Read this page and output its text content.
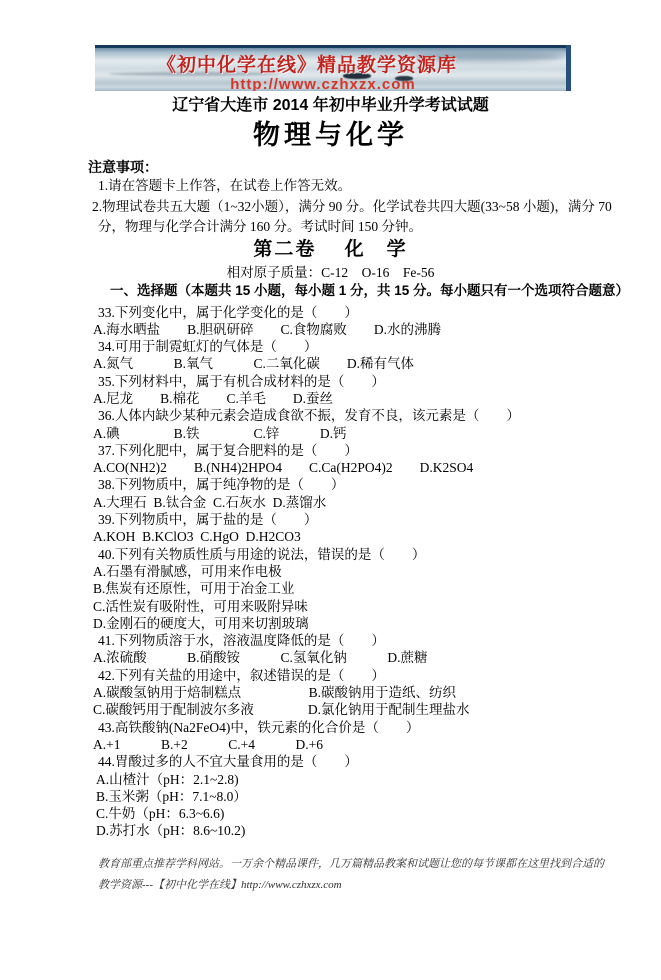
《初中化学在线》精品教学资源库
http://www.czhxzx.com
辽宁省大连市 2014 年初中毕业升学考试试题
物理与化学
注意事项：
1.请在答题卡上作答，在试卷上作答无效。
2.物理试卷共五大题（1~32小题），满分 90 分。化学试卷共四大题(33~58 小题)，满分 70
分，物理与化学合计满分 160 分。考试时间 150 分钟。
第二卷　 化　学
相对原子质量：C-12　O-16　Fe-56
一、选择题（本题共 15 小题，每小题 1 分，共 15 分。每小题只有一个选项符合题意）
33.下列变化中，属于化学变化的是（　　）
A.海水晒盐　　B.胆矾研碎　　C.食物腐败　　D.水的沸腾
34.可用于制霓虹灯的气体是（　　）
A.氮气　　　B.氧气　　　C.二氧化碳　　D.稀有气体
35.下列材料中，属于有机合成材料的是（　　）
A.尼龙　　B.棉花　　C.羊毛　　D.蚕丝
36.人体内缺少某种元素会造成食欲不振，发育不良，该元素是（　　）
A.碘　　　　B.铁　　　　C.锌　　　D.钙
37.下列化肥中，属于复合肥料的是（　　）
A.CO(NH2)2　　B.(NH4)2HPO4　　C.Ca(H2PO4)2　　D.K2SO4
38.下列物质中，属于纯净物的是（　　）
A.大理石  B.钛合金  C.石灰水  D.蒸馏水
39.下列物质中，属于盐的是（　　）
A.KOH  B.KClO3  C.HgO  D.H2CO3
40.下列有关物质性质与用途的说法，错误的是（　　）
A.石墨有滑腻感，可用来作电极
B.焦炭有还原性，可用于冶金工业
C.活性炭有吸附性，可用来吸附异味
D.金刚石的硬度大，可用来切割玻璃
41.下列物质溶于水，溶液温度降低的是（　　）
A.浓硫酸　　　B.硝酸铵　　　C.氢氧化钠　　　D.蔗糖
42.下列有关盐的用途中，叙述错误的是（　　）
A.碳酸氢钠用于焙制糕点　　　　　B.碳酸钠用于造纸、纺织
C.碳酸钙用于配制波尔多液　　　　D.氯化钠用于配制生理盐水
43.高铁酸钠(Na2FeO4)中，铁元素的化合价是（　　）
A.+1　　　B.+2　　　C.+4　　　D.+6
44.胃酸过多的人不宜大量食用的是（　　）
A.山楂汁（pH：2.1~2.8)
B.玉米粥（pH：7.1~8.0）
C.牛奶（pH：6.3~6.6)
D.苏打水（pH：8.6~10.2)
教育部重点推荐学科网站。一万余个精品课件，几万篇精品教案和试题让您的每节课都在这里找到合适的
教学资源---【初中化学在线】http://www.czhxzx.com
